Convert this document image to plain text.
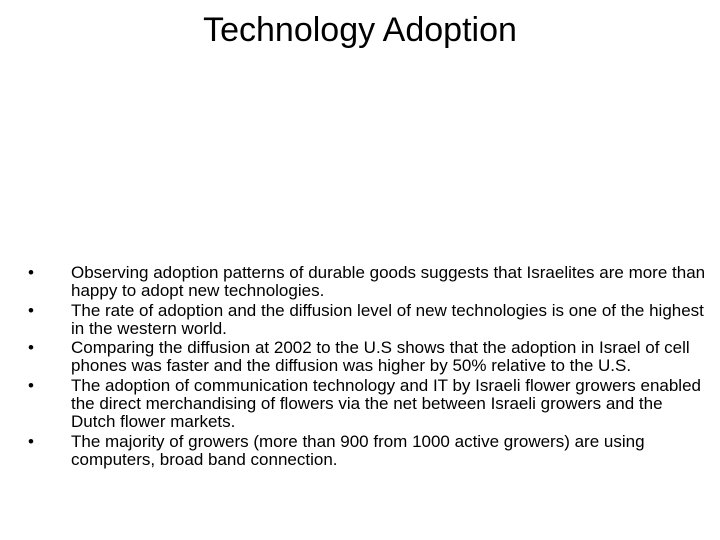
Technology Adoption
•	Observing adoption patterns of durable goods suggests that Israelites are more than happy to adopt new technologies.
•	The rate of adoption and the diffusion level of new technologies is one of the highest in the western world.
•	Comparing the diffusion at 2002 to the U.S shows that the adoption in Israel of cell phones was faster and the diffusion was higher by 50% relative to the U.S.
•	The adoption of communication technology and IT by Israeli flower growers enabled the direct merchandising of flowers via the net between Israeli growers and the Dutch flower markets.
•	The majority of growers (more than 900 from 1000 active growers) are using computers, broad band connection.
